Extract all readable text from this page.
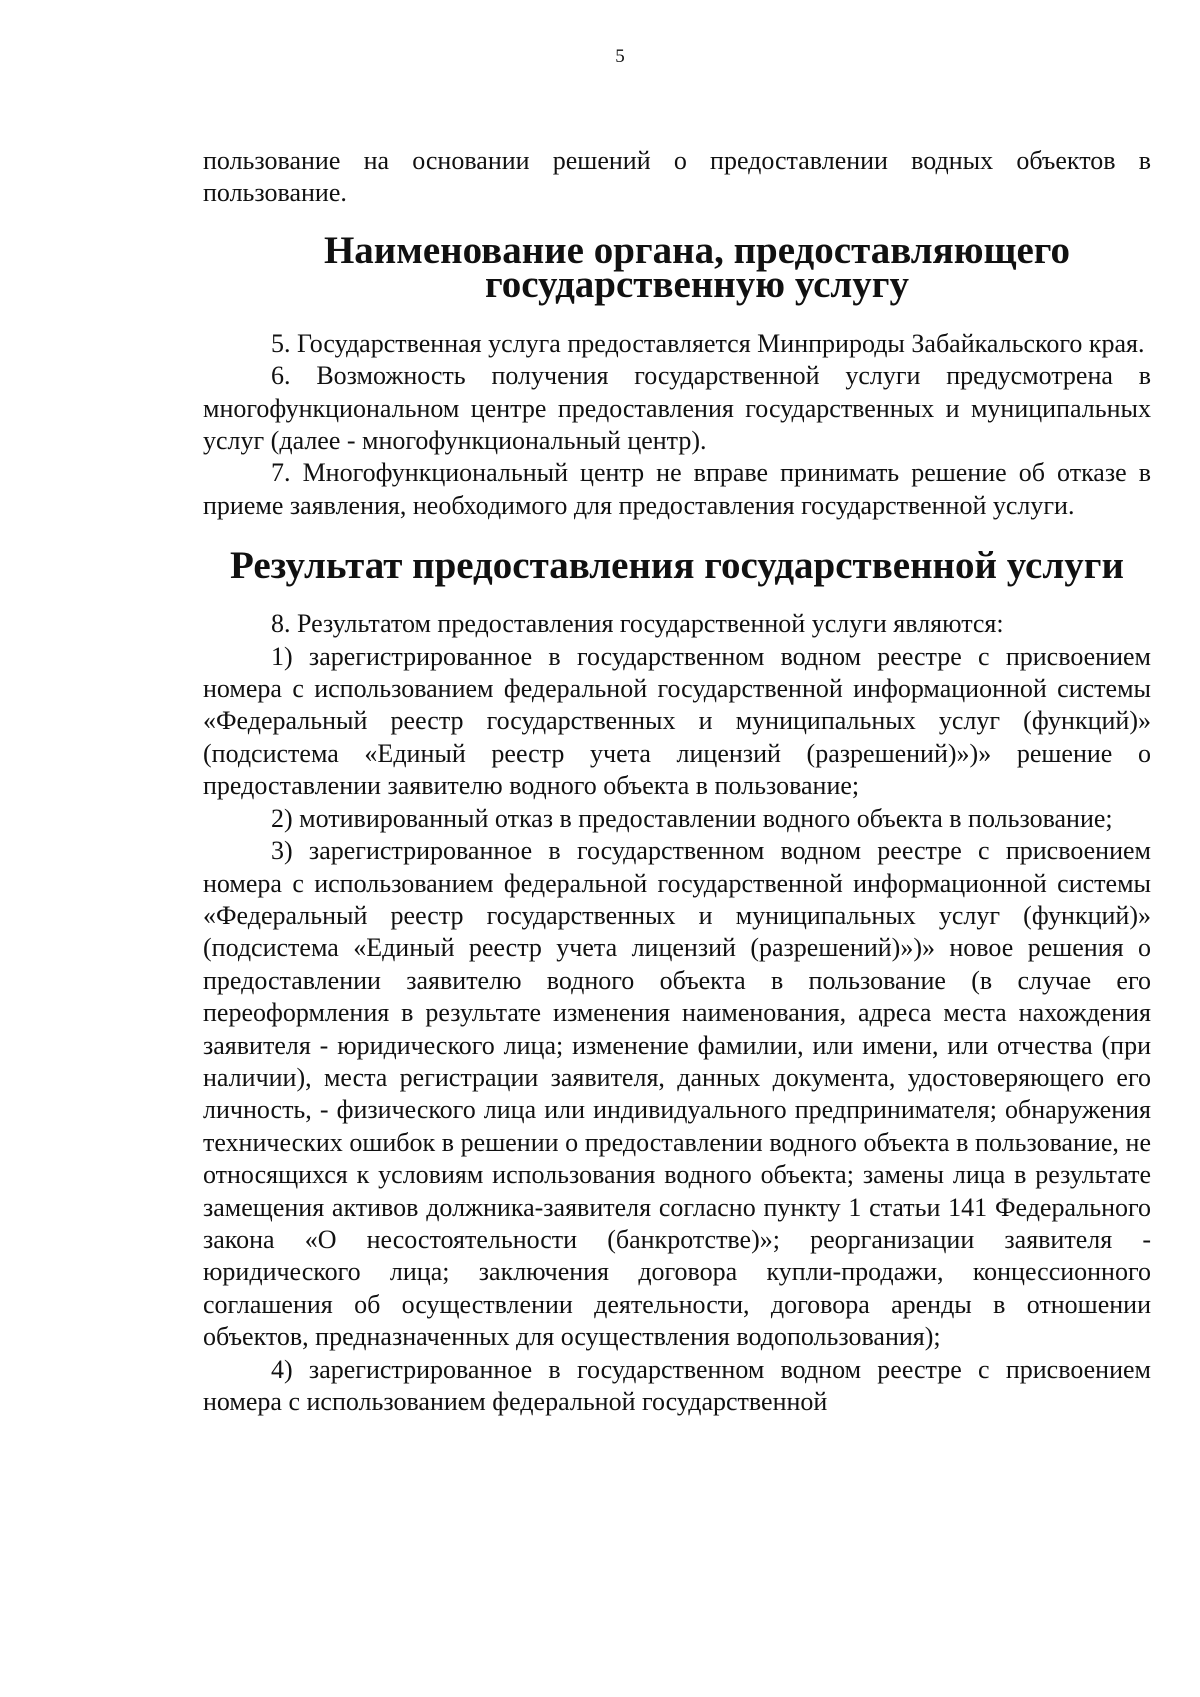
5

пользование на основании решений о предоставлении водных объектов в пользование.

Наименование органа, предоставляющего государственную услугу

5. Государственная услуга предоставляется Минприроды Забайкальского края.

6. Возможность получения государственной услуги предусмотрена в многофункциональном центре предоставления государственных и муниципальных услуг (далее - многофункциональный центр).

7. Многофункциональный центр не вправе принимать решение об отказе в приеме заявления, необходимого для предоставления государственной услуги.

Результат предоставления государственной услуги

8. Результатом предоставления государственной услуги являются:

1) зарегистрированное в государственном водном реестре с присвоением номера с использованием федеральной государственной информационной системы «Федеральный реестр государственных и муниципальных услуг (функций)» (подсистема «Единый реестр учета лицензий (разрешений)»)» решение о предоставлении заявителю водного объекта в пользование;

2) мотивированный отказ в предоставлении водного объекта в пользование;

3) зарегистрированное в государственном водном реестре с присвоением номера с использованием федеральной государственной информационной системы «Федеральный реестр государственных и муниципальных услуг (функций)» (подсистема «Единый реестр учета лицензий (разрешений)»)» новое решения о предоставлении заявителю водного объекта в пользование (в случае его переоформления в результате изменения наименования, адреса места нахождения заявителя - юридического лица; изменение фамилии, или имени, или отчества (при наличии), места регистрации заявителя, данных документа, удостоверяющего его личность, - физического лица или индивидуального предпринимателя; обнаружения технических ошибок в решении о предоставлении водного объекта в пользование, не относящихся к условиям использования водного объекта; замены лица в результате замещения активов должника-заявителя согласно пункту 1 статьи 141 Федерального закона «О несостоятельности (банкротстве)»; реорганизации заявителя - юридического лица; заключения договора купли-продажи, концессионного соглашения об осуществлении деятельности, договора аренды в отношении объектов, предназначенных для осуществления водопользования);

4) зарегистрированное в государственном водном реестре с присвоением номера с использованием федеральной государственной
